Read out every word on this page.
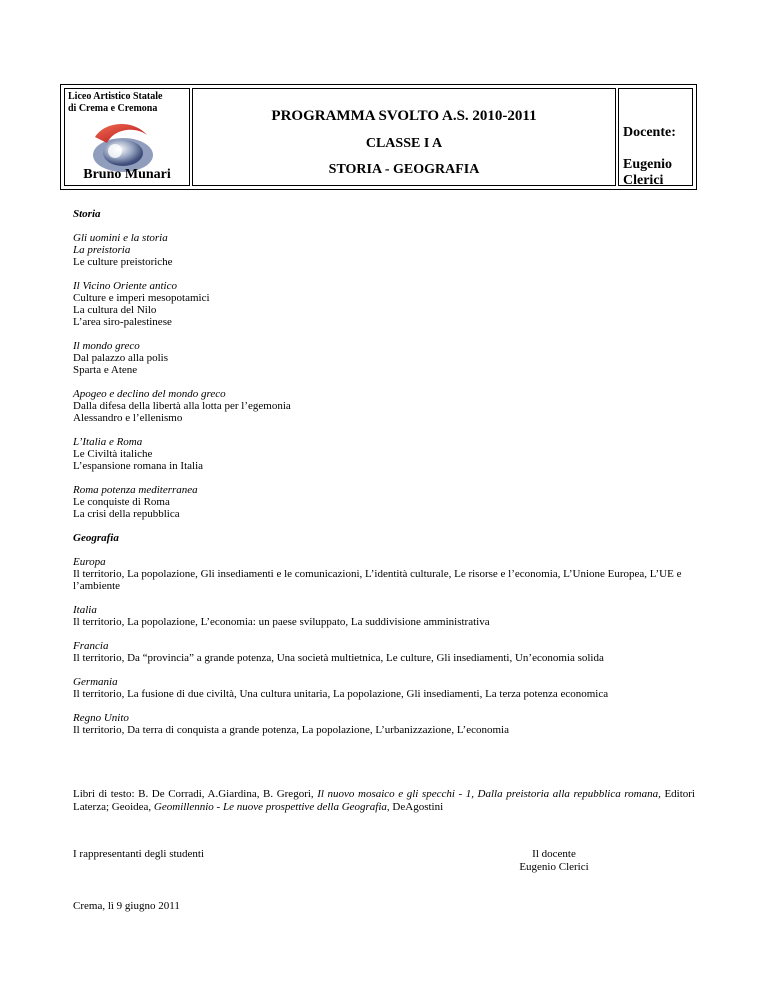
Liceo Artistico Statale
di Crema e Cremona
Bruno Munari
PROGRAMMA SVOLTO A.S. 2010-2011
CLASSE I A
STORIA - GEOGRAFIA
Docente:
Eugenio Clerici
Storia
Gli uomini e la storia
La preistoria
Le culture preistoriche
Il Vicino Oriente antico
Culture e imperi mesopotamici
La cultura del Nilo
L’area siro-palestinese
Il mondo greco
Dal palazzo alla polis
Sparta e Atene
Apogeo e declino del mondo greco
Dalla difesa della libertà alla lotta per l’egemonia
Alessandro e l’ellenismo
L’Italia e Roma
Le Civiltà italiche
L’espansione romana in Italia
Roma potenza mediterranea
Le conquiste di Roma
La crisi della repubblica
Geografia
Europa
Il territorio, La popolazione, Gli insediamenti e le comunicazioni, L’identità culturale, Le risorse e l’economia, L’Unione Europea, L’UE e l’ambiente
Italia
Il territorio, La popolazione, L’economia: un paese sviluppato, La suddivisione amministrativa
Francia
Il territorio, Da “provincia” a grande potenza, Una società multietnica, Le culture, Gli insediamenti, Un’economia solida
Germania
Il territorio, La fusione di due civiltà, Una cultura unitaria, La popolazione, Gli insediamenti, La terza potenza economica
Regno Unito
Il territorio, Da terra di conquista a grande potenza, La popolazione, L’urbanizzazione, L’economia
Libri di testo: B. De Corradi, A.Giardina, B. Gregori, Il nuovo mosaico e gli specchi - 1, Dalla preistoria alla repubblica romana, Editori Laterza; Geoidea, Geomillennio - Le nuove prospettive della Geografia, DeAgostini
I rappresentanti degli studenti	Il docente
Eugenio Clerici
Crema, lì 9 giugno 2011
